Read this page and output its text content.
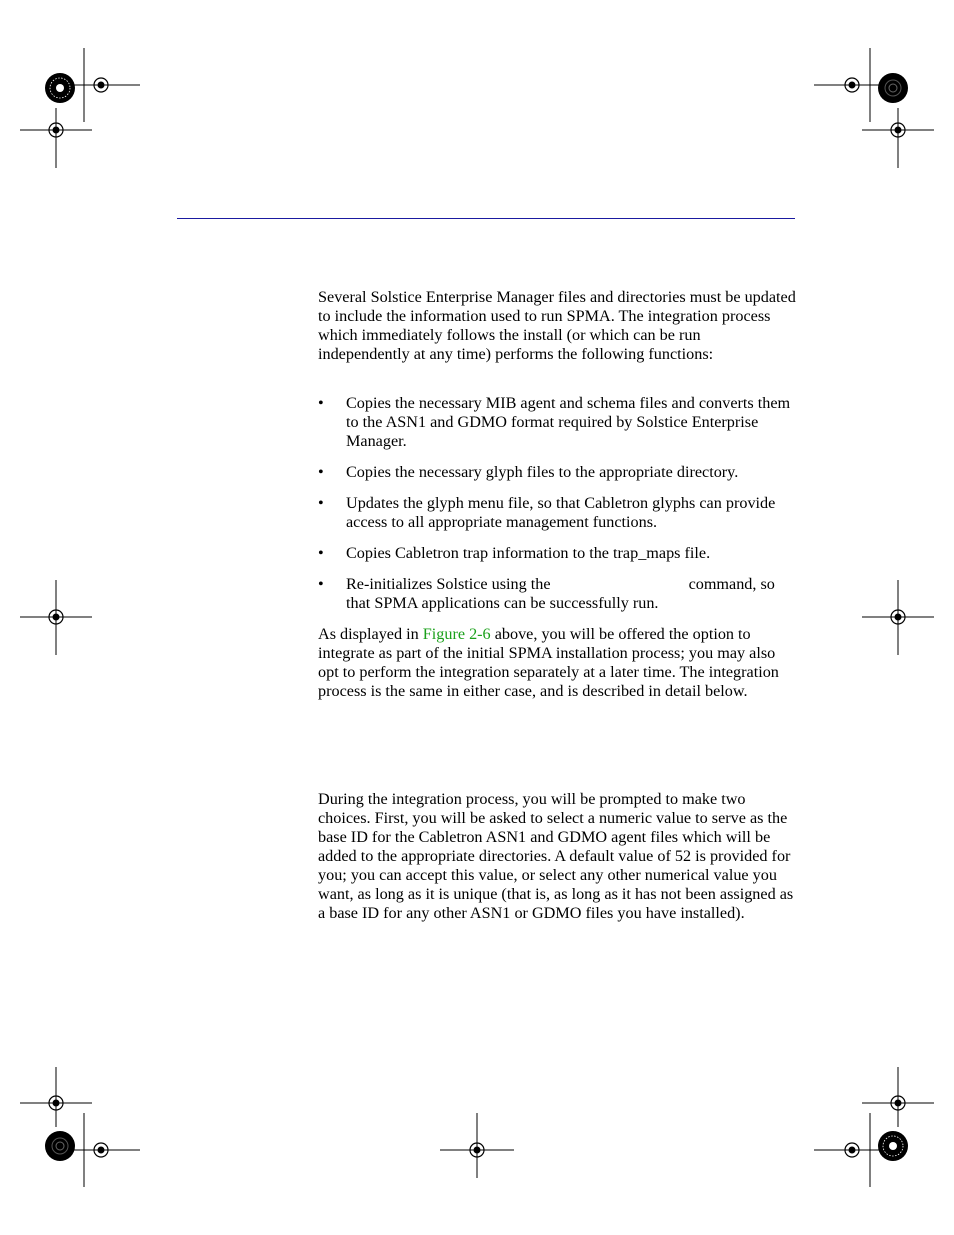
Several Solstice Enterprise Manager files and directories must be updated to include the information used to run SPMA. The integration process which immediately follows the install (or which can be run independently at any time) performs the following functions:

• Copies the necessary MIB agent and schema files and converts them to the ASN1 and GDMO format required by Solstice Enterprise Manager.
• Copies the necessary glyph files to the appropriate directory.
• Updates the glyph menu file, so that Cabletron glyphs can provide access to all appropriate management functions.
• Copies Cabletron trap information to the trap_maps file.
• Re-initializes Solstice using the	command, so that SPMA applications can be successfully run.

As displayed in Figure 2-6 above, you will be offered the option to integrate as part of the initial SPMA installation process; you may also opt to perform the integration separately at a later time. The integration process is the same in either case, and is described in detail below.

During the integration process, you will be prompted to make two choices. First, you will be asked to select a numeric value to serve as the base ID for the Cabletron ASN1 and GDMO agent files which will be added to the appropriate directories. A default value of 52 is provided for you; you can accept this value, or select any other numerical value you want, as long as it is unique (that is, as long as it has not been assigned as a base ID for any other ASN1 or GDMO files you have installed).
